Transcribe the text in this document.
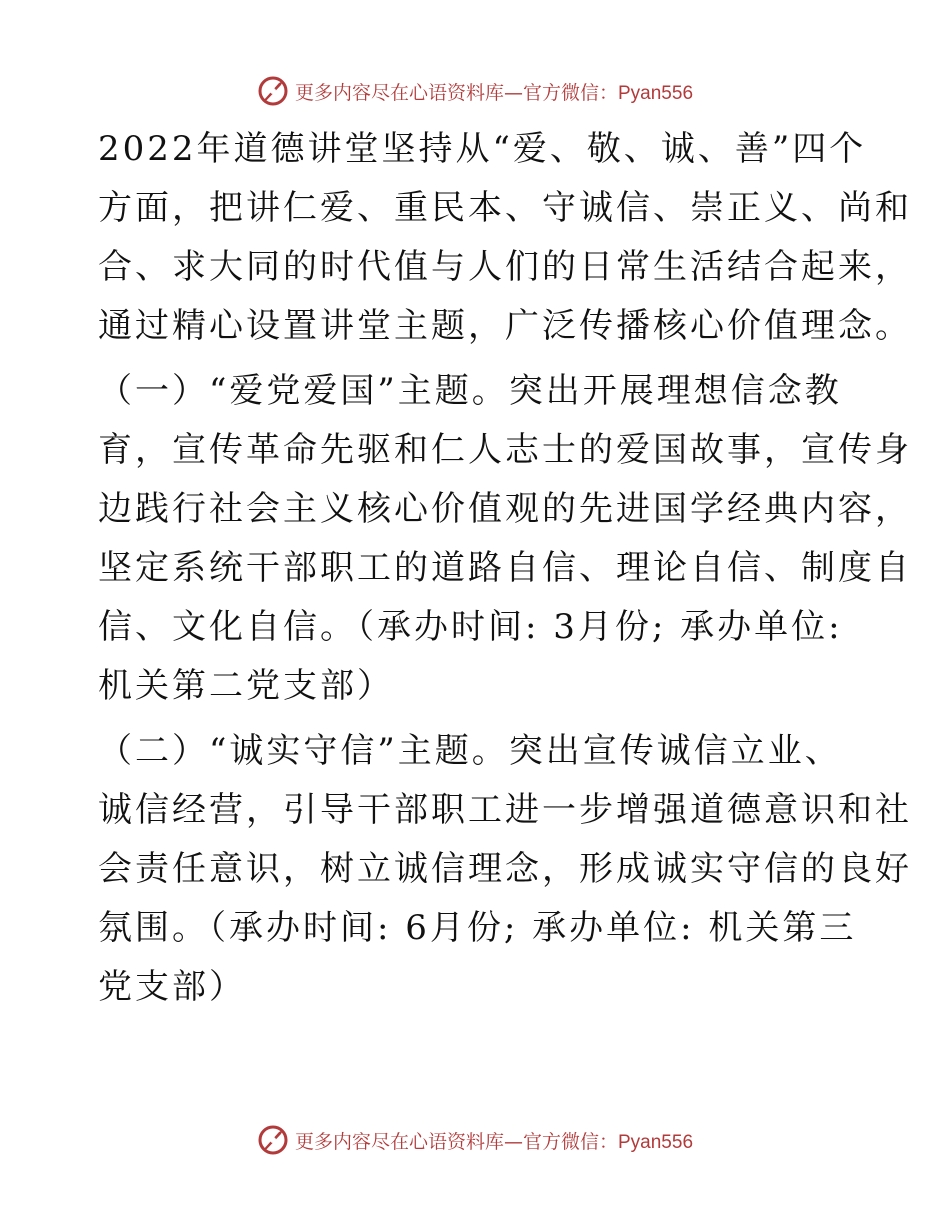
更多内容尽在心语资料库—官方微信：Pyan556

2022年道德讲堂坚持从“爱、敬、诚、善”四个
方面，把讲仁爱、重民本、守诚信、崇正义、尚和
合、求大同的时代值与人们的日常生活结合起来，
通过精心设置讲堂主题，广泛传播核心价值理念。

（一）“爱党爱国”主题。突出开展理想信念教
育，宣传革命先驱和仁人志士的爱国故事，宣传身
边践行社会主义核心价值观的先进国学经典内容，
坚定系统干部职工的道路自信、理论自信、制度自
信、文化自信。（承办时间: 3月份; 承办单位:
机关第二党支部）

（二）“诚实守信”主题。突出宣传诚信立业、
诚信经营，引导干部职工进一步增强道德意识和社
会责任意识，树立诚信理念，形成诚实守信的良好
氛围。（承办时间: 6月份; 承办单位: 机关第三
党支部）

更多内容尽在心语资料库—官方微信：Pyan556
